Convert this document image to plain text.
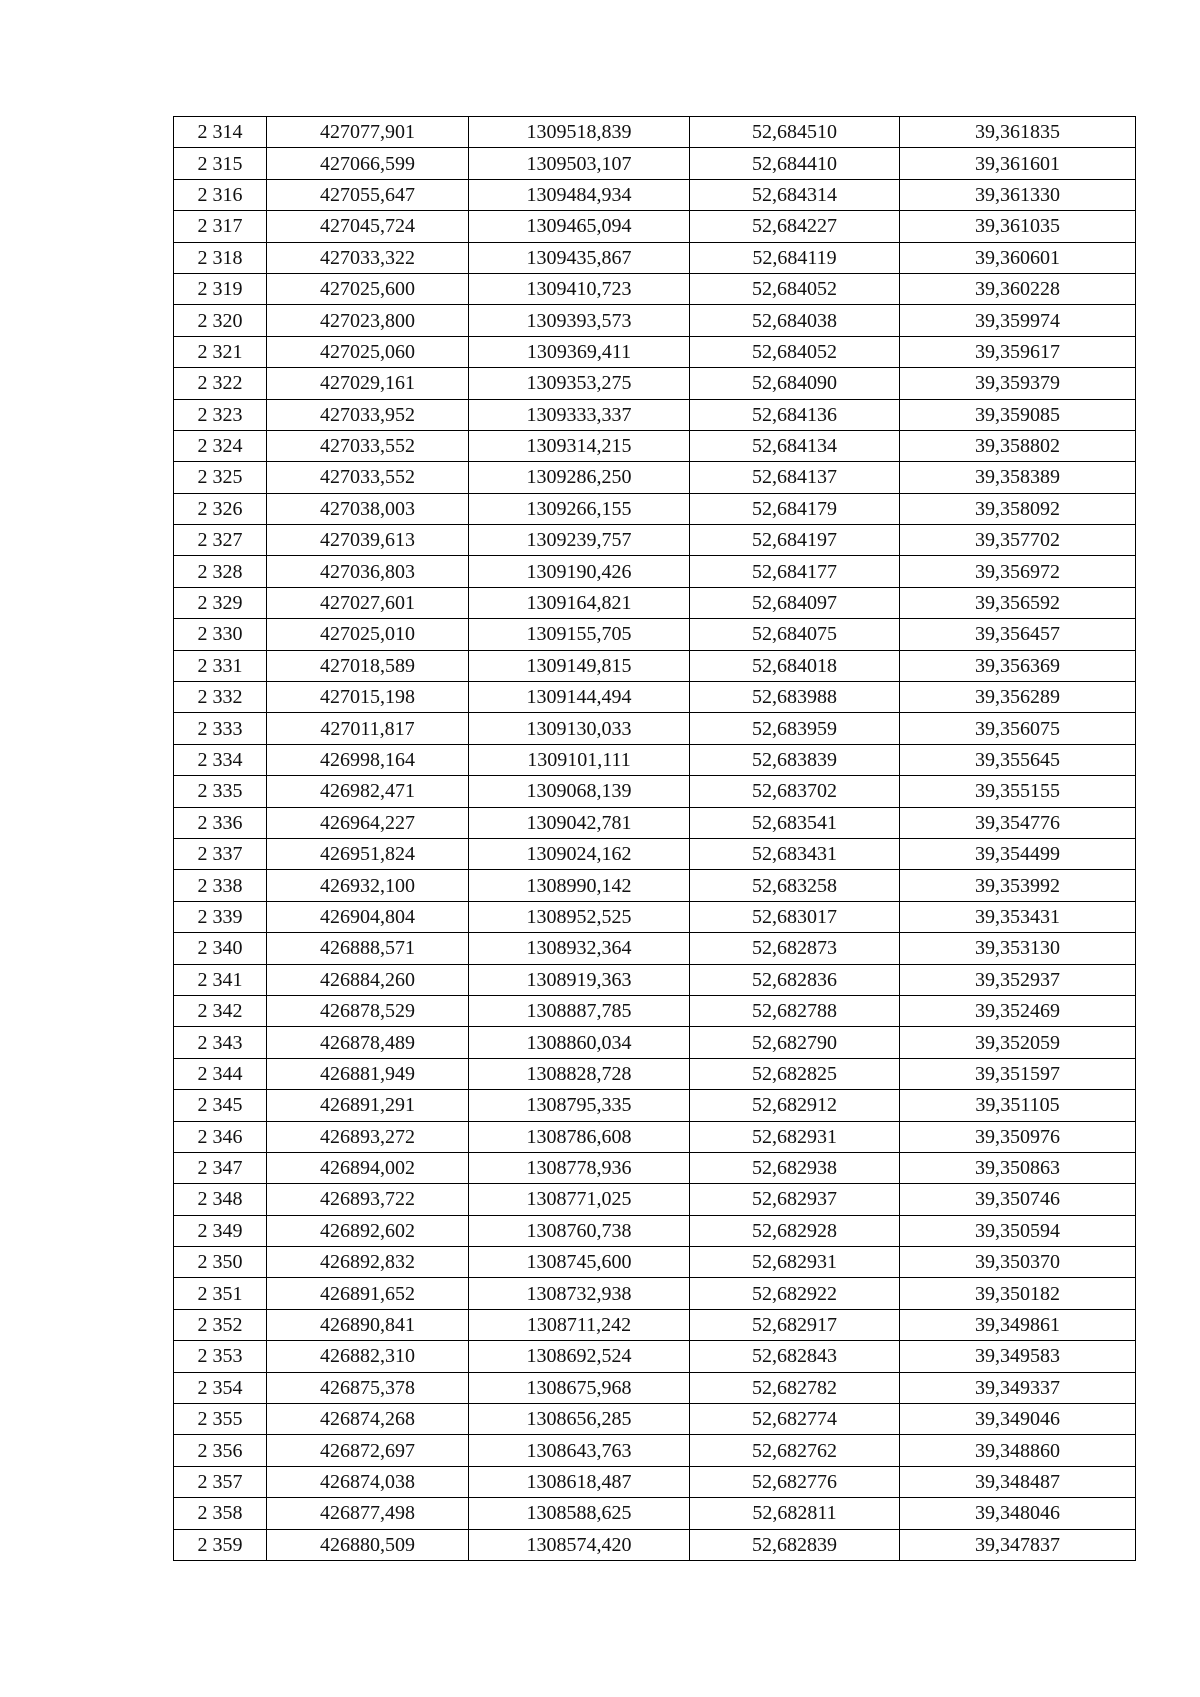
2 314	427077,901	1309518,839	52,684510	39,361835
2 315	427066,599	1309503,107	52,684410	39,361601
2 316	427055,647	1309484,934	52,684314	39,361330
2 317	427045,724	1309465,094	52,684227	39,361035
2 318	427033,322	1309435,867	52,684119	39,360601
2 319	427025,600	1309410,723	52,684052	39,360228
2 320	427023,800	1309393,573	52,684038	39,359974
2 321	427025,060	1309369,411	52,684052	39,359617
2 322	427029,161	1309353,275	52,684090	39,359379
2 323	427033,952	1309333,337	52,684136	39,359085
2 324	427033,552	1309314,215	52,684134	39,358802
2 325	427033,552	1309286,250	52,684137	39,358389
2 326	427038,003	1309266,155	52,684179	39,358092
2 327	427039,613	1309239,757	52,684197	39,357702
2 328	427036,803	1309190,426	52,684177	39,356972
2 329	427027,601	1309164,821	52,684097	39,356592
2 330	427025,010	1309155,705	52,684075	39,356457
2 331	427018,589	1309149,815	52,684018	39,356369
2 332	427015,198	1309144,494	52,683988	39,356289
2 333	427011,817	1309130,033	52,683959	39,356075
2 334	426998,164	1309101,111	52,683839	39,355645
2 335	426982,471	1309068,139	52,683702	39,355155
2 336	426964,227	1309042,781	52,683541	39,354776
2 337	426951,824	1309024,162	52,683431	39,354499
2 338	426932,100	1308990,142	52,683258	39,353992
2 339	426904,804	1308952,525	52,683017	39,353431
2 340	426888,571	1308932,364	52,682873	39,353130
2 341	426884,260	1308919,363	52,682836	39,352937
2 342	426878,529	1308887,785	52,682788	39,352469
2 343	426878,489	1308860,034	52,682790	39,352059
2 344	426881,949	1308828,728	52,682825	39,351597
2 345	426891,291	1308795,335	52,682912	39,351105
2 346	426893,272	1308786,608	52,682931	39,350976
2 347	426894,002	1308778,936	52,682938	39,350863
2 348	426893,722	1308771,025	52,682937	39,350746
2 349	426892,602	1308760,738	52,682928	39,350594
2 350	426892,832	1308745,600	52,682931	39,350370
2 351	426891,652	1308732,938	52,682922	39,350182
2 352	426890,841	1308711,242	52,682917	39,349861
2 353	426882,310	1308692,524	52,682843	39,349583
2 354	426875,378	1308675,968	52,682782	39,349337
2 355	426874,268	1308656,285	52,682774	39,349046
2 356	426872,697	1308643,763	52,682762	39,348860
2 357	426874,038	1308618,487	52,682776	39,348487
2 358	426877,498	1308588,625	52,682811	39,348046
2 359	426880,509	1308574,420	52,682839	39,347837
